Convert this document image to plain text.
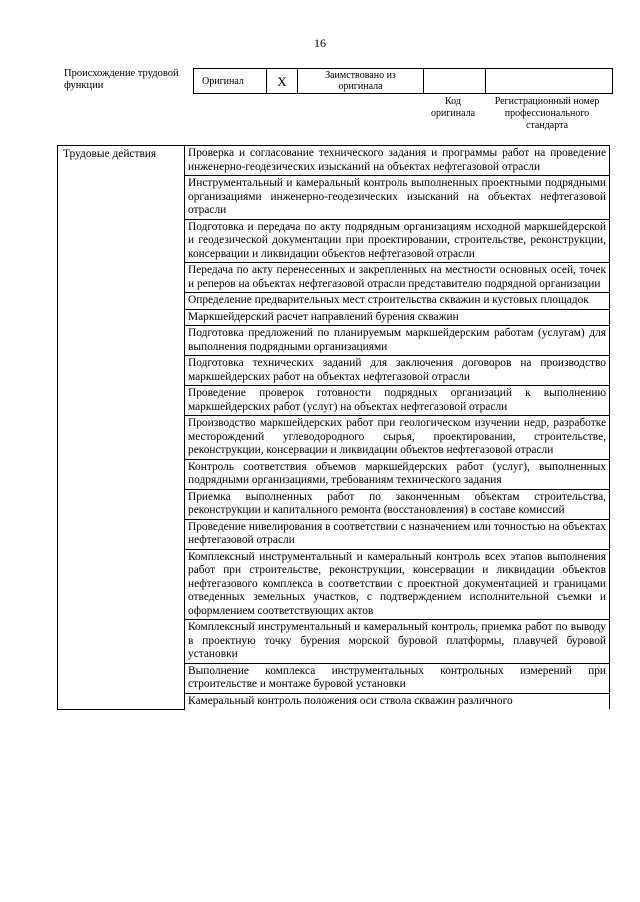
16
Происхождение трудовой функции	Оригинал	X	Заимствовано из оригинала		
Код оригинала
Регистрационный номер профессионального стандарта
Трудовые действия	Проверка и согласование технического задания и программы работ на проведение инженерно-геодезических изысканий на объектах нефтегазовой отрасли
Инструментальный и камеральный контроль выполненных проектными подрядными организациями инженерно-геодезических изысканий на объектах нефтегазовой отрасли
Подготовка и передача по акту подрядным организациям исходной маркшейдерской и геодезической документации при проектировании, строительстве, реконструкции, консервации и ликвидации объектов нефтегазовой отрасли
Передача по акту перенесенных и закрепленных на местности основных осей, точек и реперов на объектах нефтегазовой отрасли представителю подрядной организации
Определение предварительных мест строительства скважин и кустовых площадок
Маркшейдерский расчет направлений бурения скважин
Подготовка предложений по планируемым маркшейдерским работам (услугам) для выполнения подрядными организациями
Подготовка технических заданий для заключения договоров на производство маркшейдерских работ на объектах нефтегазовой отрасли
Проведение проверок готовности подрядных организаций к выполнению маркшейдерских работ (услуг) на объектах нефтегазовой отрасли
Производство маркшейдерских работ при геологическом изучении недр, разработке месторождений углеводородного сырья, проектировании, строительстве, реконструкции, консервации и ликвидации объектов нефтегазовой отрасли
Контроль соответствия объемов маркшейдерских работ (услуг), выполненных подрядными организациями, требованиям технического задания
Приемка выполненных работ по законченным объектам строительства, реконструкции и капитального ремонта (восстановления) в составе комиссий
Проведение нивелирования в соответствии с назначением или точностью на объектах нефтегазовой отрасли
Комплексный инструментальный и камеральный контроль всех этапов выполнения работ при строительстве, реконструкции, консервации и ликвидации объектов нефтегазового комплекса в соответствии с проектной документацией и границами отведенных земельных участков, с подтверждением исполнительной съемки и оформлением соответствующих актов
Комплексный инструментальный и камеральный контроль, приемка работ по выводу в проектную точку бурения морской буровой платформы, плавучей буровой установки
Выполнение комплекса инструментальных контрольных измерений при строительстве и монтаже буровой установки
Камеральный контроль положения оси ствола скважин различного
